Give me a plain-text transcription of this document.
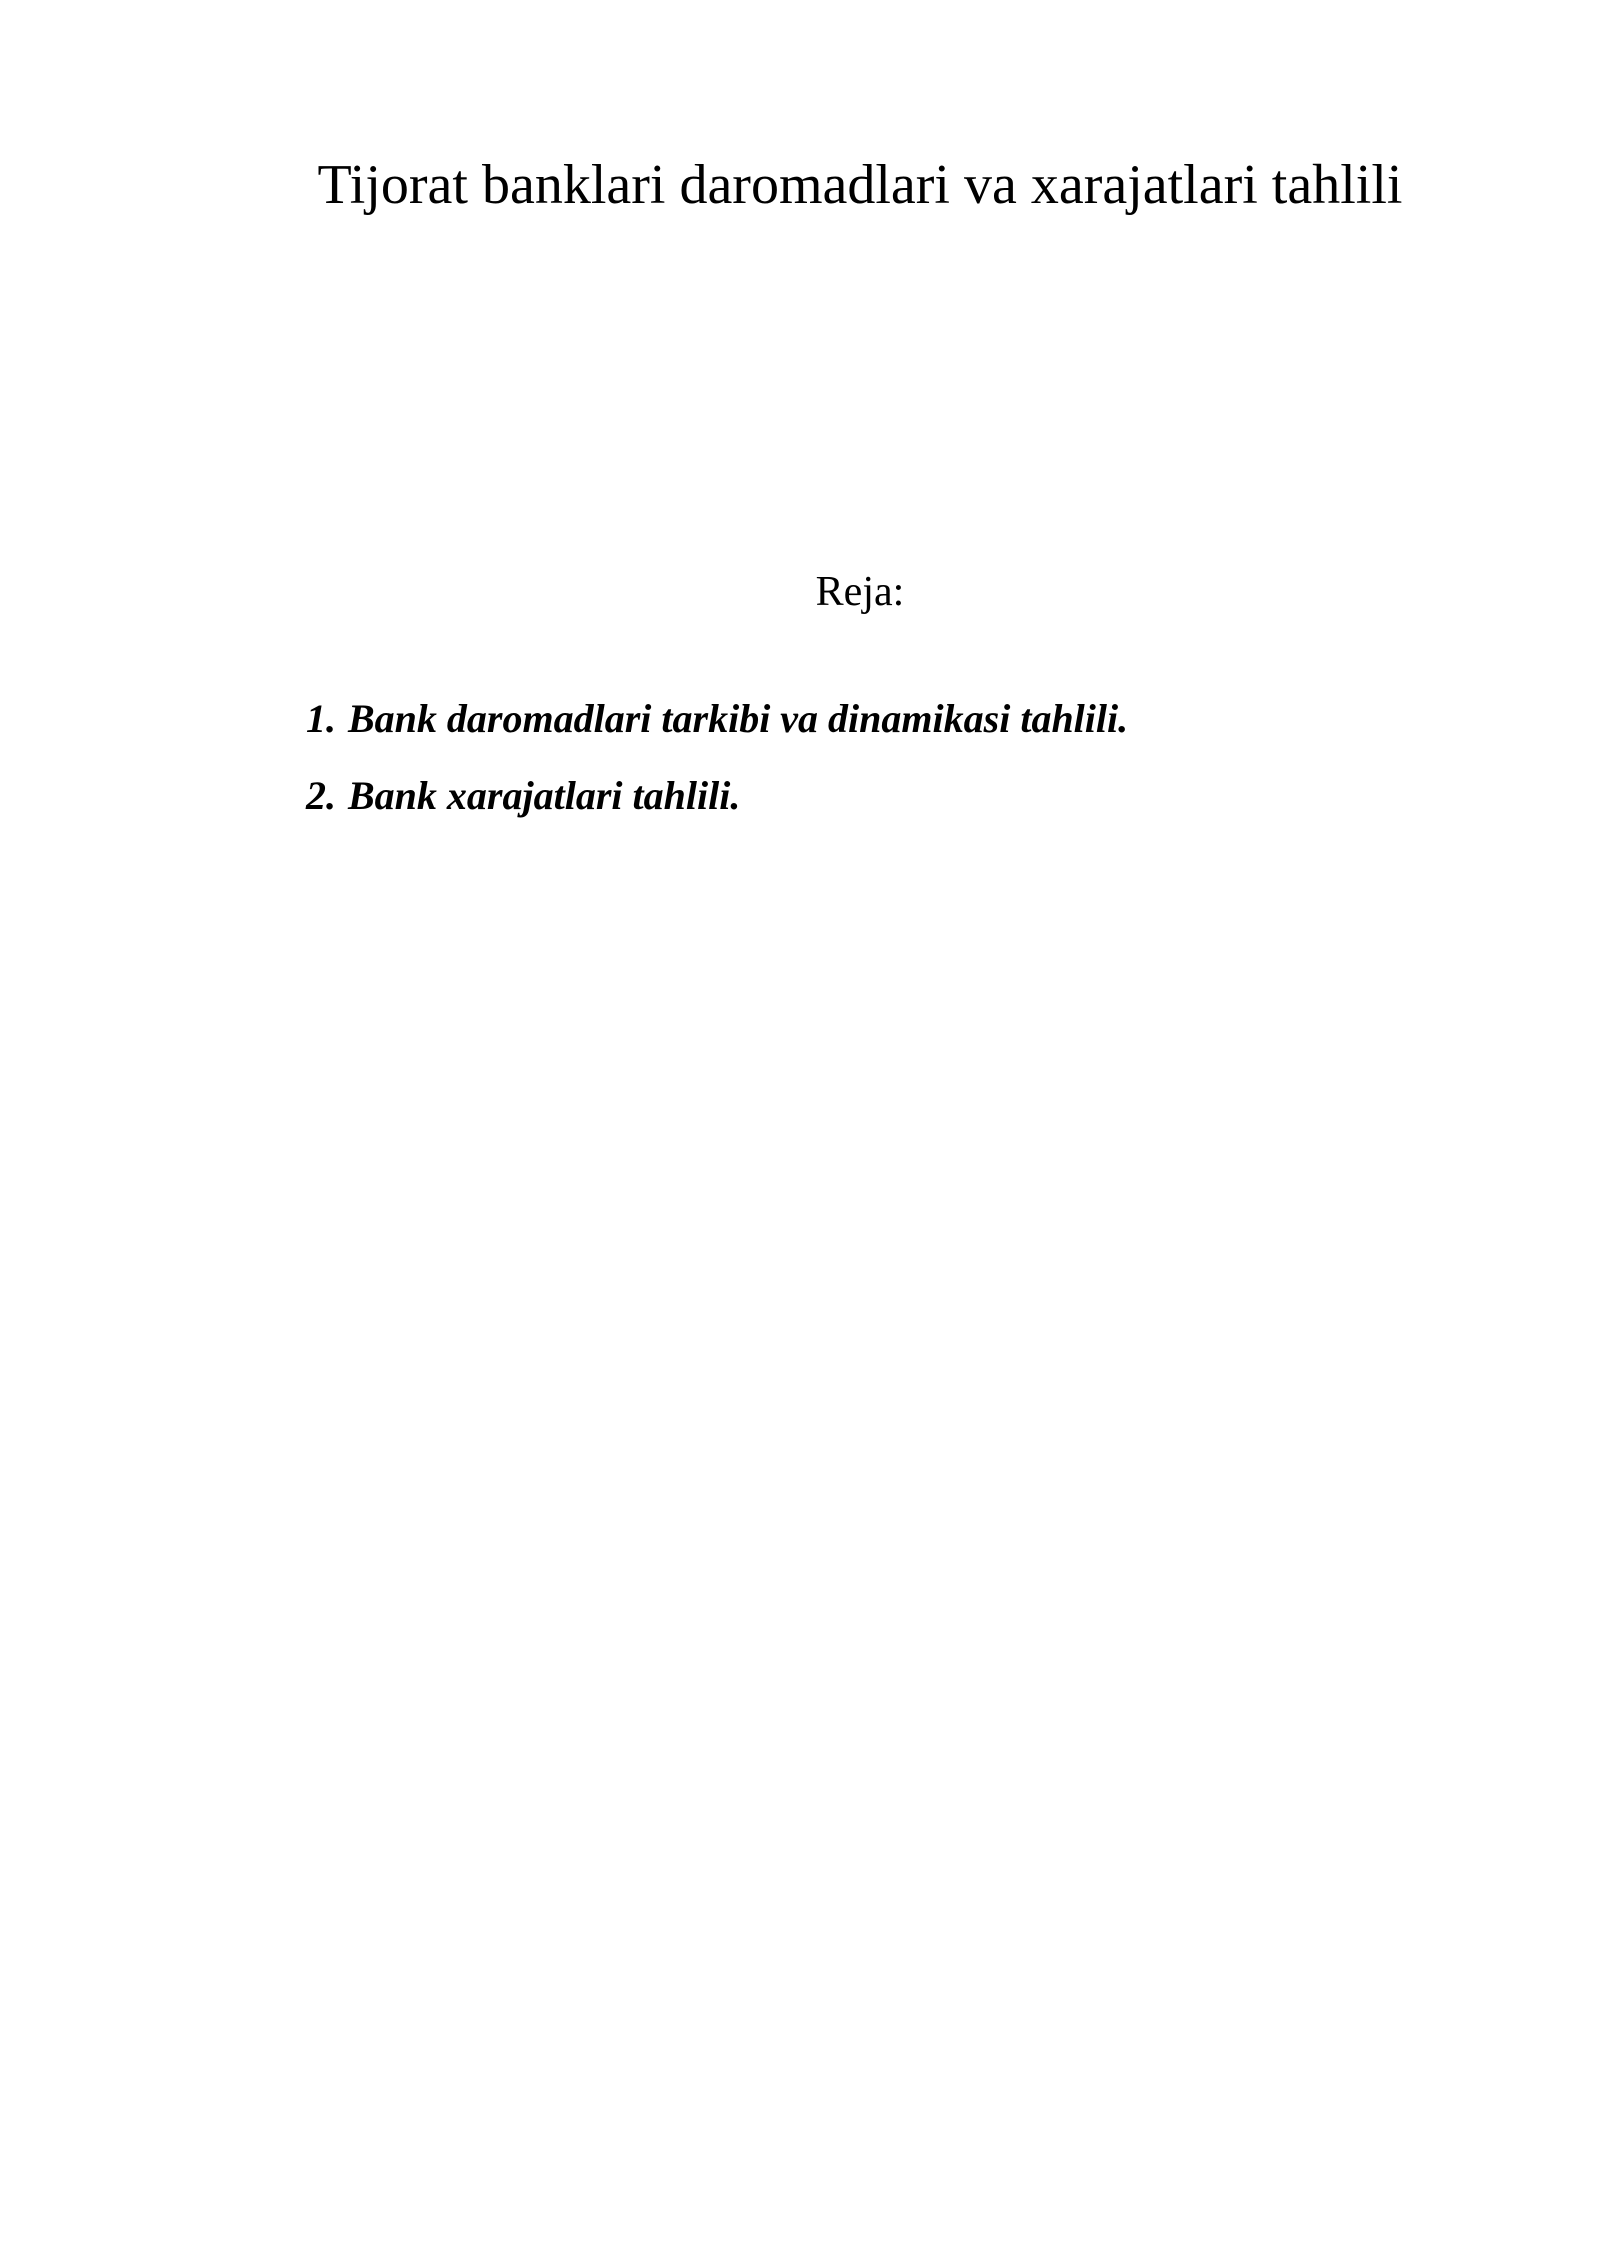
Tijorat banklari daromadlari va xarajatlari tahlili
Reja:
1. Bank daromadlari tarkibi va dinamikasi tahlili.
2. Bank xarajatlari tahlili.
